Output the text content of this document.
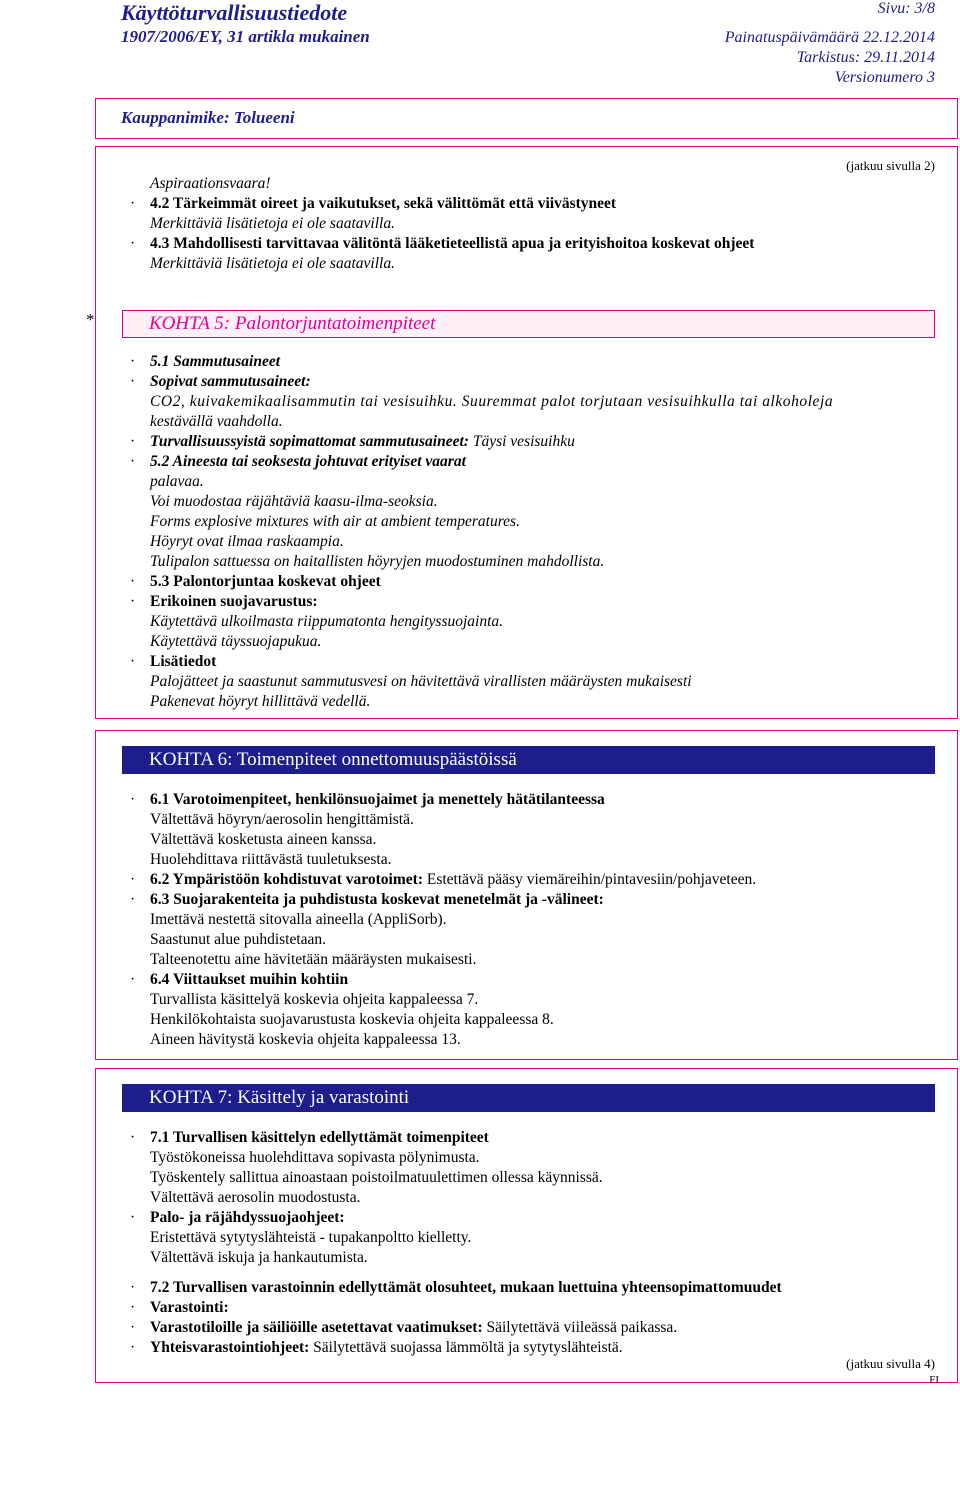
Käyttöturvallisuustiedote
1907/2006/EY, 31 artikla mukainen
Sivu: 3/8
Painatuspäivämäärä 22.12.2014
Tarkistus: 29.11.2014
Versionumero 3
Kauppanimike: Tolueeni
(jatkuu sivulla 2)
Aspiraationsvaara!
· 4.2 Tärkeimmät oireet ja vaikutukset, sekä välittömät että viivästyneet
Merkittäviä lisätietoja ei ole saatavilla.
· 4.3 Mahdollisesti tarvittavaa välitöntä lääketieteellistä apua ja erityishoitoa koskevat ohjeet
Merkittäviä lisätietoja ei ole saatavilla.
*	KOHTA 5: Palontorjuntatoimenpiteet
· 5.1 Sammutusaineet
· Sopivat sammutusaineet:
CO2, kuivakemikaalisammutin tai vesisuihku. Suuremmat palot torjutaan vesisuihkulla tai alkoholeja
kestävällä vaahdolla.
· Turvallisuussyistä sopimattomat sammutusaineet: Täysi vesisuihku
· 5.2 Aineesta tai seoksesta johtuvat erityiset vaarat
palavaa.
Voi muodostaa räjähtäviä kaasu-ilma-seoksia.
Forms explosive mixtures with air at ambient temperatures.
Höyryt ovat ilmaa raskaampia.
Tulipalon sattuessa on haitallisten höyryjen muodostuminen mahdollista.
· 5.3 Palontorjuntaa koskevat ohjeet
· Erikoinen suojavarustus:
Käytettävä ulkoilmasta riippumatonta hengityssuojainta.
Käytettävä täyssuojapukua.
· Lisätiedot
Palojätteet ja saastunut sammutusvesi on hävitettävä virallisten määräysten mukaisesti
Pakenevat höyryt hillittävä vedellä.
KOHTA 6: Toimenpiteet onnettomuuspäästöissä
· 6.1 Varotoimenpiteet, henkilönsuojaimet ja menettely hätätilanteessa
Vältettävä höyryn/aerosolin hengittämistä.
Vältettävä kosketusta aineen kanssa.
Huolehdittava riittävästä tuuletuksesta.
· 6.2 Ympäristöön kohdistuvat varotoimet: Estettävä pääsy viemäreihin/pintavesiin/pohjaveteen.
· 6.3 Suojarakenteita ja puhdistusta koskevat menetelmät ja -välineet:
Imettävä nestettä sitovalla aineella (AppliSorb).
Saastunut alue puhdistetaan.
Talteenotettu aine hävitetään määräysten mukaisesti.
· 6.4 Viittaukset muihin kohtiin
Turvallista käsittelyä koskevia ohjeita kappaleessa 7.
Henkilökohtaista suojavarustusta koskevia ohjeita kappaleessa 8.
Aineen hävitystä koskevia ohjeita kappaleessa 13.
KOHTA 7: Käsittely ja varastointi
· 7.1 Turvallisen käsittelyn edellyttämät toimenpiteet
Työstökoneissa huolehdittava sopivasta pölynimusta.
Työskentely sallittua ainoastaan poistoilmatuulettimen ollessa käynnissä.
Vältettävä aerosolin muodostusta.
· Palo- ja räjähdyssuojaohjeet:
Eristettävä sytytyslähteistä - tupakanpoltto kielletty.
Vältettävä iskuja ja hankautumista.
· 7.2 Turvallisen varastoinnin edellyttämät olosuhteet, mukaan luettuina yhteensopimattomuudet
· Varastointi:
· Varastotiloille ja säiliöille asetettavat vaatimukset: Säilytettävä viileässä paikassa.
· Yhteisvarastointiohjeet: Säilytettävä suojassa lämmöltä ja sytytyslähteistä.
(jatkuu sivulla 4)
FI
